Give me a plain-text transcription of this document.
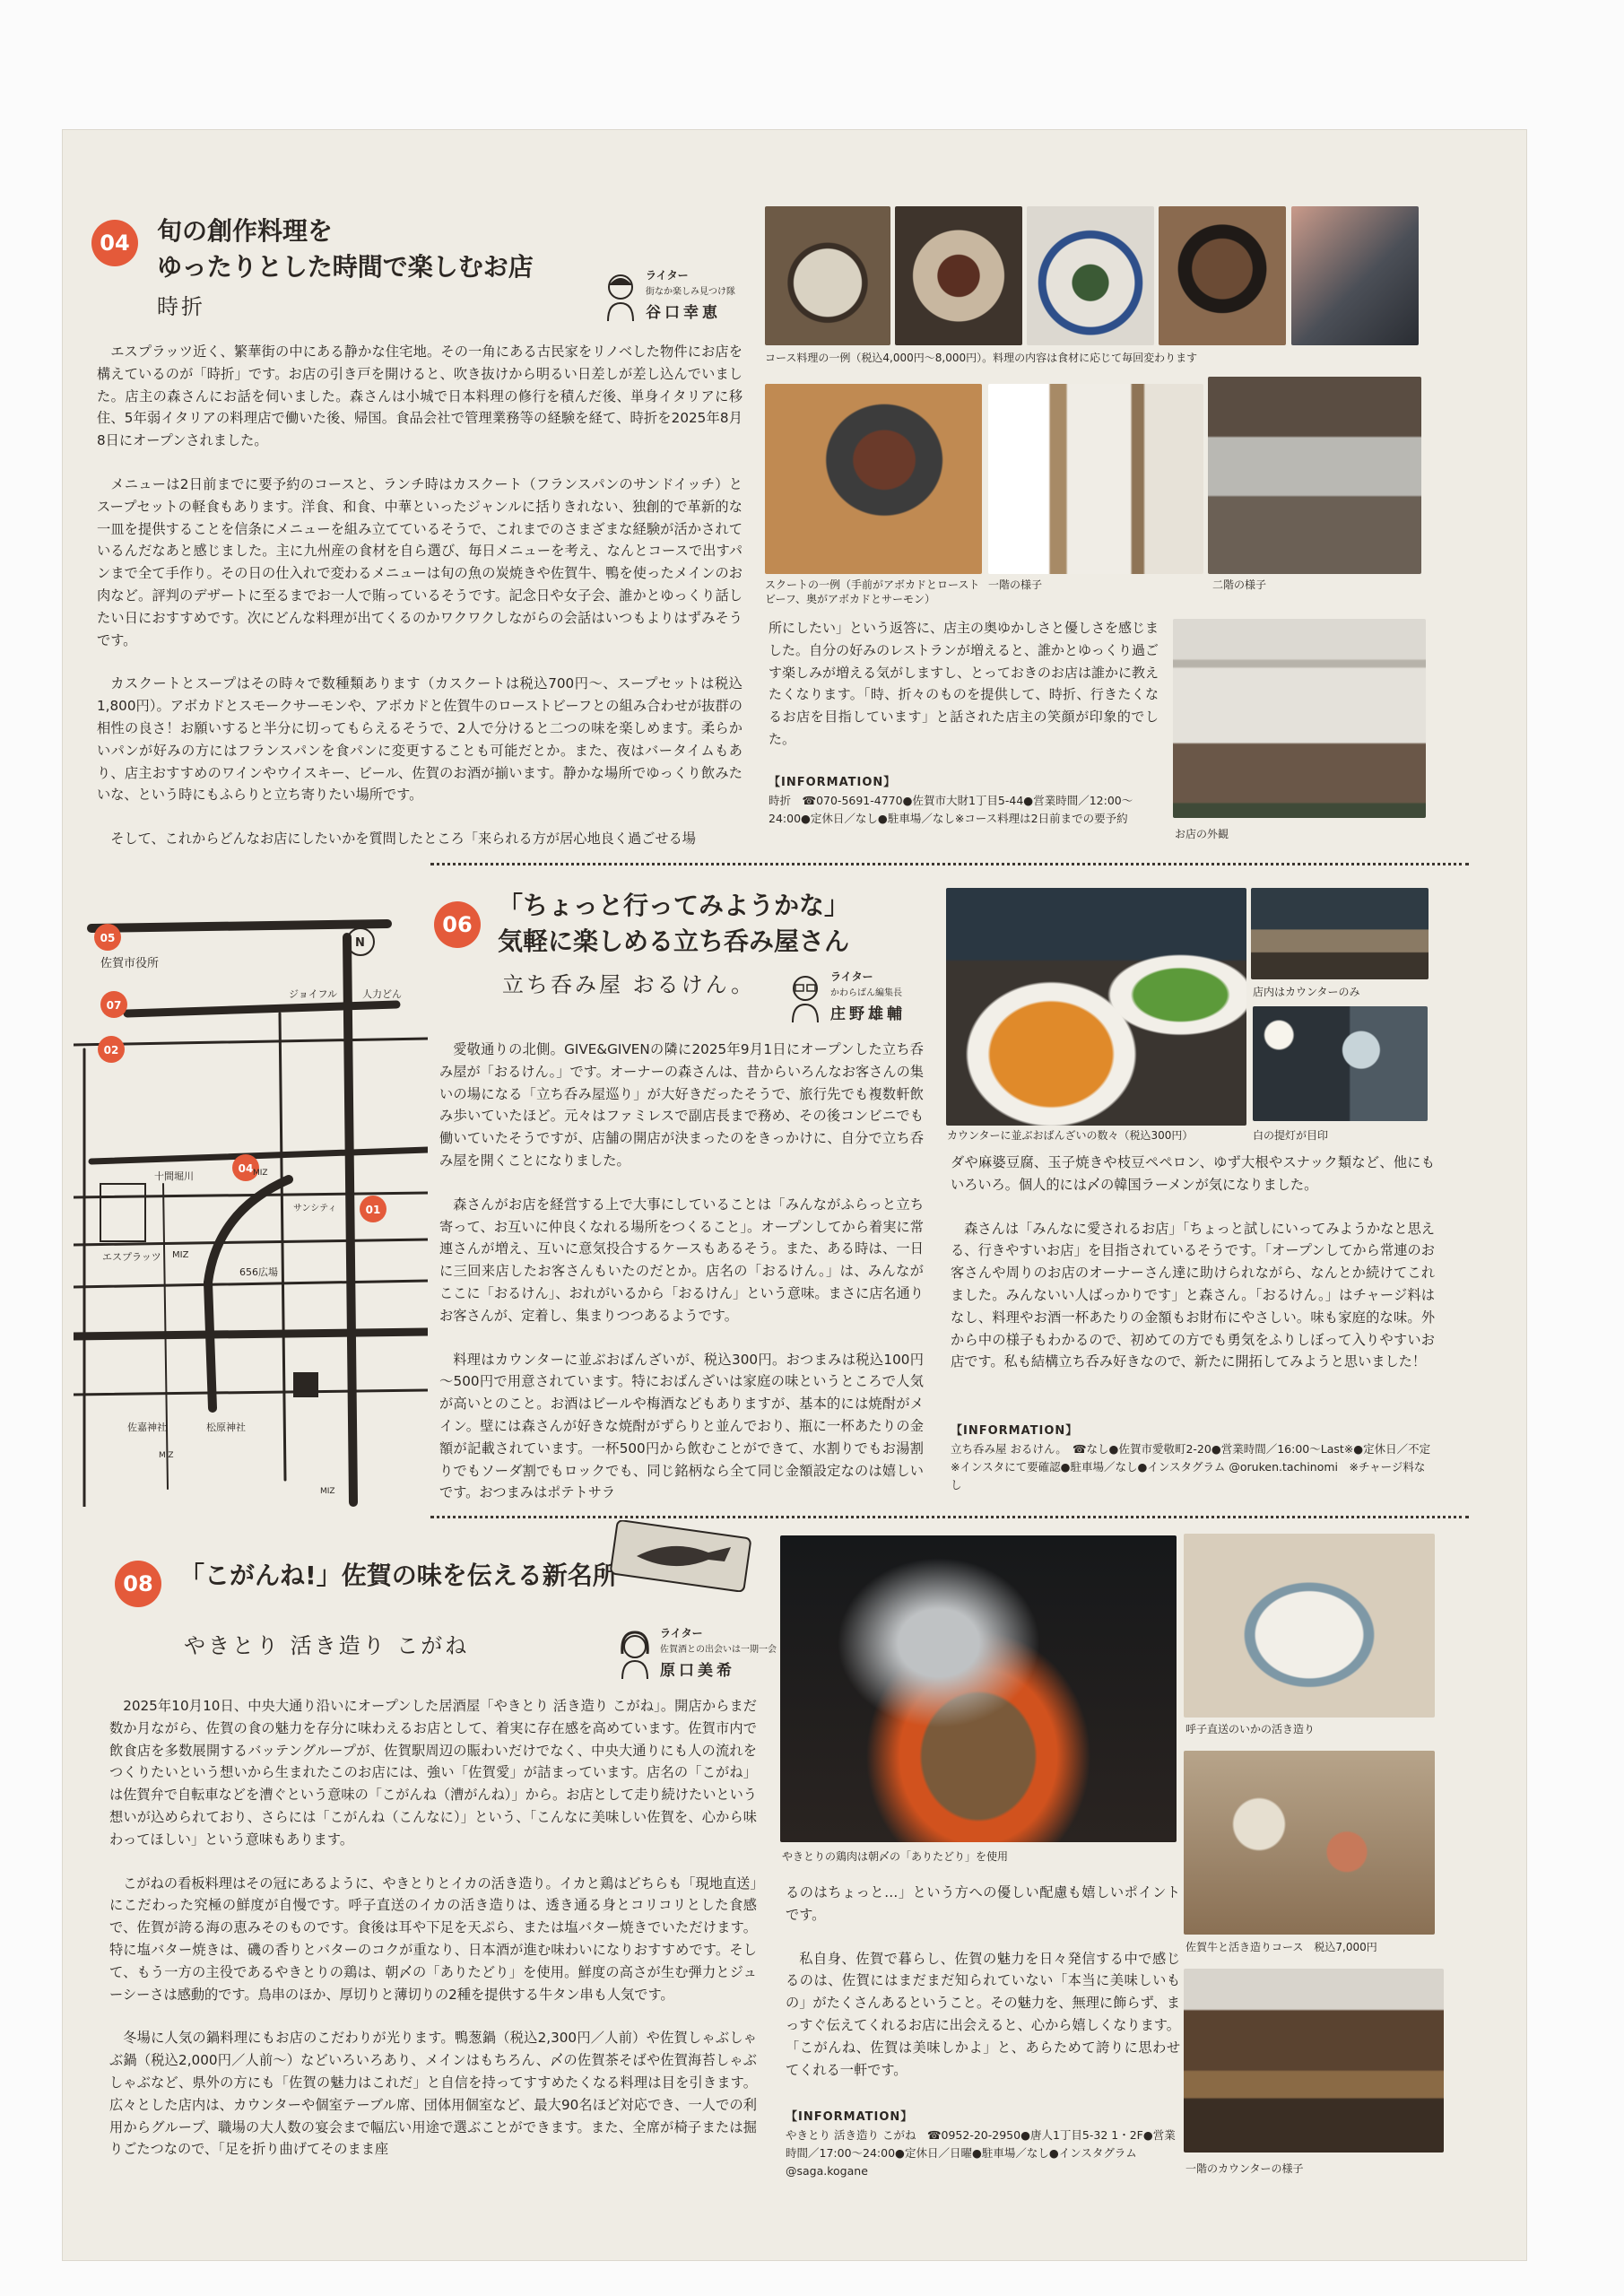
04	旬の創作料理を
ゆったりとした時間で楽しむお店
時折
ライター
街なか楽しみ見つけ隊
谷口幸恵

エスプラッツ近く、繁華街の中にある静かな住宅地。その一角にある古民家をリノベした物件にお店を構えているのが「時折」です。お店の引き戸を開けると、吹き抜けから明るい日差しが差し込んでいました。店主の森さんにお話を伺いました。森さんは小城で日本料理の修行を積んだ後、単身イタリアに移住、5年弱イタリアの料理店で働いた後、帰国。食品会社で管理業務等の経験を経て、時折を2025年8月8日にオープンされました。

メニューは2日前までに要予約のコースと、ランチ時はカスクート（フランスパンのサンドイッチ）とスープセットの軽食もあります。洋食、和食、中華といったジャンルに括りきれない、独創的で革新的な一皿を提供することを信条にメニューを組み立てているそうで、これまでのさまざまな経験が活かされているんだなあと感じました。主に九州産の食材を自ら選び、毎日メニューを考え、なんとコースで出すパンまで全て手作り。その日の仕入れで変わるメニューは旬の魚の炭焼きや佐賀牛、鴨を使ったメインのお肉など。評判のデザートに至るまでお一人で賄っているそうです。記念日や女子会、誰かとゆっくり話したい日におすすめです。次にどんな料理が出てくるのかワクワクしながらの会話はいつもよりはずみそうです。

カスクートとスープはその時々で数種類あります（カスクートは税込700円～、スープセットは税込1,800円）。アボカドとスモークサーモンや、アボカドと佐賀牛のローストビーフとの組み合わせが抜群の相性の良さ！お願いすると半分に切ってもらえるそうで、2人で分けると二つの味を楽しめます。柔らかいパンが好みの方にはフランスパンを食パンに変更することも可能だとか。また、夜はバータイムもあり、店主おすすめのワインやウイスキー、ビール、佐賀のお酒が揃います。静かな場所でゆっくり飲みたいな、という時にもふらりと立ち寄りたい場所です。

そして、これからどんなお店にしたいかを質問したところ「来られる方が居心地良く過ごせる場

コース料理の一例（税込4,000円～8,000円）。料理の内容は食材に応じて毎回変わります
スクートの一例（手前がアボカドとローストビーフ、奥がアボカドとサーモン）
一階の様子	二階の様子
所にしたい」という返答に、店主の奥ゆかしさと優しさを感じました。自分の好みのレストランが増えると、誰かとゆっくり過ごす楽しみが増える気がしますし、とっておきのお店は誰かに教えたくなります。「時、折々のものを提供して、時折、行きたくなるお店を目指しています」と話された店主の笑顔が印象的でした。
【INFORMATION】
時折　☎070-5691-4770●佐賀市大財1丁目5-44●営業時間／12:00～24:00●定休日／なし●駐車場／なし※コース料理は2日前までの要予約
お店の外観
05
07
02
04
01
佐賀市役所
ジョイフル	人力どん
十間堀川
エスプラッツ MIZ
656広場
サンシティ
佐嘉神社	松原神社
MIZ
MIZ
MIZ
N
06
「ちょっと行ってみようかな」
気軽に楽しめる立ち呑み屋さん
立ち呑み屋 おるけん。	ライター
かわらばん編集長
庄野雄輔

愛敬通りの北側。GIVE&GIVENの隣に2025年9月1日にオープンした立ち呑み屋が「おるけん。」です。オーナーの森さんは、昔からいろんなお客さんの集いの場になる「立ち呑み屋巡り」が大好きだったそうで、旅行先でも複数軒飲み歩いていたほど。元々はファミレスで副店長まで務め、その後コンビニでも働いていたそうですが、店舗の開店が決まったのをきっかけに、自分で立ち呑み屋を開くことになりました。

森さんがお店を経営する上で大事にしていることは「みんながふらっと立ち寄って、お互いに仲良くなれる場所をつくること」。オープンしてから着実に常連さんが増え、互いに意気投合するケースもあるそう。また、ある時は、一日に三回来店したお客さんもいたのだとか。店名の「おるけん。」は、みんながここに「おるけん」、おれがいるから「おるけん」という意味。まさに店名通りお客さんが、定着し、集まりつつあるようです。

料理はカウンターに並ぶおばんざいが、税込300円。おつまみは税込100円～500円で用意されています。特におばんざいは家庭の味というところで人気が高いとのこと。お酒はビールや梅酒などもありますが、基本的には焼酎がメイン。壁には森さんが好きな焼酎がずらりと並んでおり、瓶に一杯あたりの金額が記載されています。一杯500円から飲むことができて、水割りでもお湯割りでもソーダ割でもロックでも、同じ銘柄なら全て同じ金額設定なのは嬉しいです。おつまみはポテトサラ

カウンターに並ぶおばんざいの数々（税込300円）
店内はカウンターのみ
白の提灯が目印

ダや麻婆豆腐、玉子焼きや枝豆ペペロン、ゆず大根やスナック類など、他にもいろいろ。個人的には〆の韓国ラーメンが気になりました。

森さんは「みんなに愛されるお店」「ちょっと試しにいってみようかなと思える、行きやすいお店」を目指されているそうです。「オープンしてから常連のお客さんや周りのお店のオーナーさん達に助けられながら、なんとか続けてこれました。みんないい人ばっかりです」と森さん。「おるけん。」はチャージ料はなし、料理やお酒一杯あたりの金額もお財布にやさしい。味も家庭的な味。外から中の様子もわかるので、初めての方でも勇気をふりしぼって入りやすいお店です。私も結構立ち呑み好きなので、新たに開拓してみようと思いました！

【INFORMATION】
立ち呑み屋 おるけん。　☎なし●佐賀市愛敬町2-20●営業時間／16:00～Last※●定休日／不定※インスタにて要確認●駐車場／なし●インスタグラム @oruken.tachinomi　※チャージ料なし
08	「こがんね!」佐賀の味を伝える新名所
やきとり 活き造り こがね	ライター
佐賀酒との出会いは一期一会
原口美希

2025年10月10日、中央大通り沿いにオープンした居酒屋「やきとり 活き造り こがね」。開店からまだ数か月ながら、佐賀の食の魅力を存分に味わえるお店として、着実に存在感を高めています。佐賀市内で飲食店を多数展開するバッテングループが、佐賀駅周辺の賑わいだけでなく、中央大通りにも人の流れをつくりたいという想いから生まれたこのお店には、強い「佐賀愛」が詰まっています。店名の「こがね」は佐賀弁で自転車などを漕ぐという意味の「こがんね（漕がんね）」から。お店として走り続けたいという想いが込められており、さらには「こがんね（こんなに）」という、「こんなに美味しい佐賀を、心から味わってほしい」という意味もあります。

こがねの看板料理はその冠にあるように、やきとりとイカの活き造り。イカと鶏はどちらも「現地直送」にこだわった究極の鮮度が自慢です。呼子直送のイカの活き造りは、透き通る身とコリコリとした食感で、佐賀が誇る海の恵みそのものです。食後は耳や下足を天ぷら、または塩バター焼きでいただけます。特に塩バター焼きは、磯の香りとバターのコクが重なり、日本酒が進む味わいになりおすすめです。そして、もう一方の主役であるやきとりの鶏は、朝〆の「ありたどり」を使用。鮮度の高さが生む弾力とジューシーさは感動的です。鳥串のほか、厚切りと薄切りの2種を提供する牛タン串も人気です。

冬場に人気の鍋料理にもお店のこだわりが光ります。鴨葱鍋（税込2,300円／人前）や佐賀しゃぶしゃぶ鍋（税込2,000円／人前～）などいろいろあり、メインはもちろん、〆の佐賀茶そばや佐賀海苔しゃぶしゃぶなど、県外の方にも「佐賀の魅力はこれだ」と自信を持ってすすめたくなる料理は目を引きます。広々とした店内は、カウンターや個室テーブル席、団体用個室など、最大90名ほど対応でき、一人での利用からグループ、職場の大人数の宴会まで幅広い用途で選ぶことができます。また、全席が椅子または掘りごたつなので、「足を折り曲げてそのまま座

やきとりの鶏肉は朝〆の「ありたどり」を使用
呼子直送のいかの活き造り
佐賀牛と活き造りコース　税込7,000円
一階のカウンターの様子

るのはちょっと…」という方への優しい配慮も嬉しいポイントです。

私自身、佐賀で暮らし、佐賀の魅力を日々発信する中で感じるのは、佐賀にはまだまだ知られていない「本当に美味しいもの」がたくさんあるということ。その魅力を、無理に飾らず、まっすぐ伝えてくれるお店に出会えると、心から嬉しくなります。「こがんね、佐賀は美味しかよ」と、あらためて誇りに思わせてくれる一軒です。

【INFORMATION】
やきとり 活き造り こがね　☎0952-20-2950●唐人1丁目5-32 1・2F●営業時間／17:00～24:00●定休日／日曜●駐車場／なし●インスタグラム @saga.kogane
